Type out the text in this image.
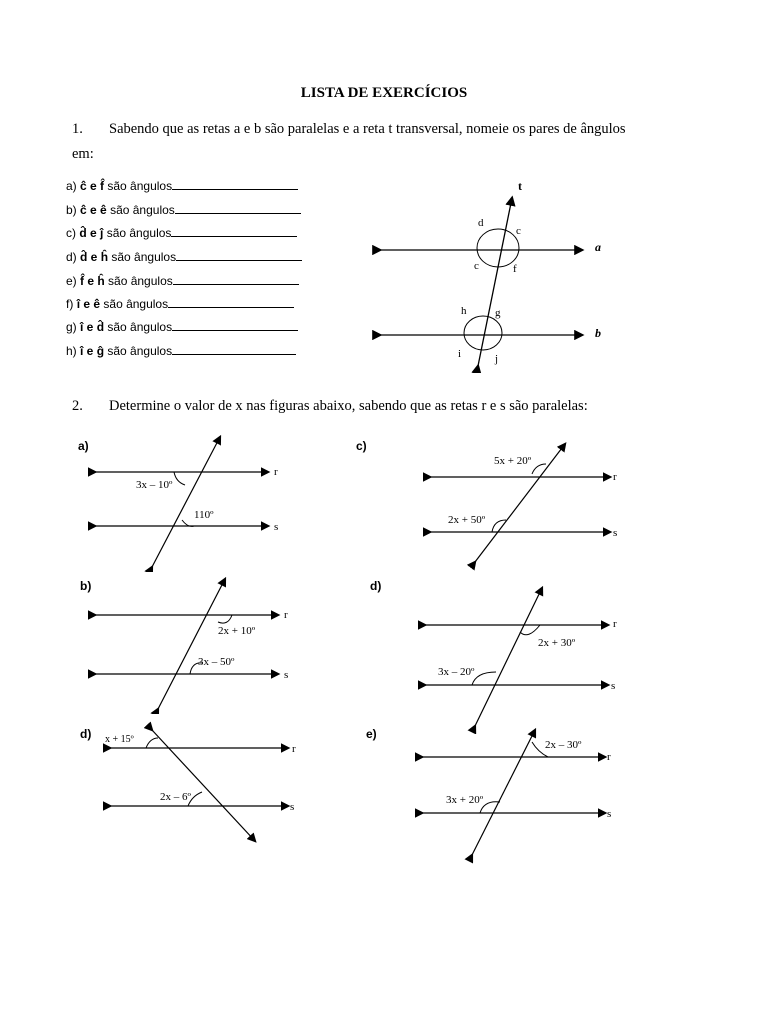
LISTA DE EXERCÍCIOS
1. Sabendo que as retas a e b são paralelas e a reta t transversal, nomeie os pares de ângulos
em:
a) ĉ e f̂ são ângulos
b) ĉ e ê são ângulos
c) d̂ e ĵ são ângulos
d) d̂ e ĥ são ângulos
e) f̂ e ĥ são ângulos
f) î e ê são ângulos
g) î e d̂ são ângulos
h) î e ĝ são ângulos
t
a
b
d
c
c	f
h	g
i	j
2. Determine o valor de x nas figuras abaixo, sabendo que as retas r e s são paralelas:
a)
r
s
3x – 10º
110º
c)
r
s
5x + 20º
2x + 50º
b)
r
s
2x + 10º
3x – 50º
d)
r
s
2x + 30º
3x – 20º
d)
r
s
x + 15º
2x – 6º
e)
r
s
2x – 30º
3x + 20º
